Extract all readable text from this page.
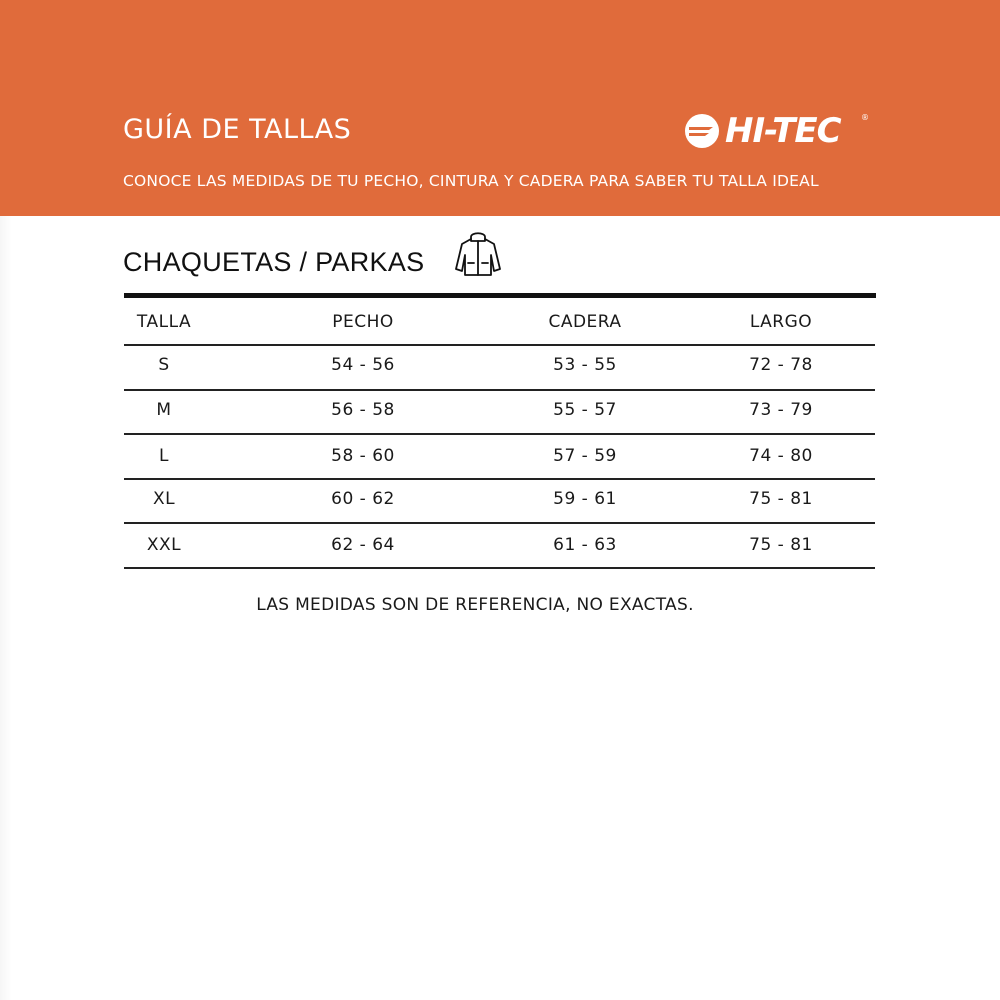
GUÍA DE TALLAS
CONOCE LAS MEDIDAS DE TU PECHO, CINTURA Y CADERA PARA SABER TU TALLA IDEAL
HI-TEC	®
CHAQUETAS / PARKAS
TALLA	PECHO	CADERA	LARGO
S	54 - 56	53 - 55	72 - 78
M	56 - 58	55 - 57	73 - 79
L	58 - 60	57 - 59	74 - 80
XL	60 - 62	59 - 61	75 - 81
XXL	62 - 64	61 - 63	75 - 81
LAS MEDIDAS SON DE REFERENCIA, NO EXACTAS.
